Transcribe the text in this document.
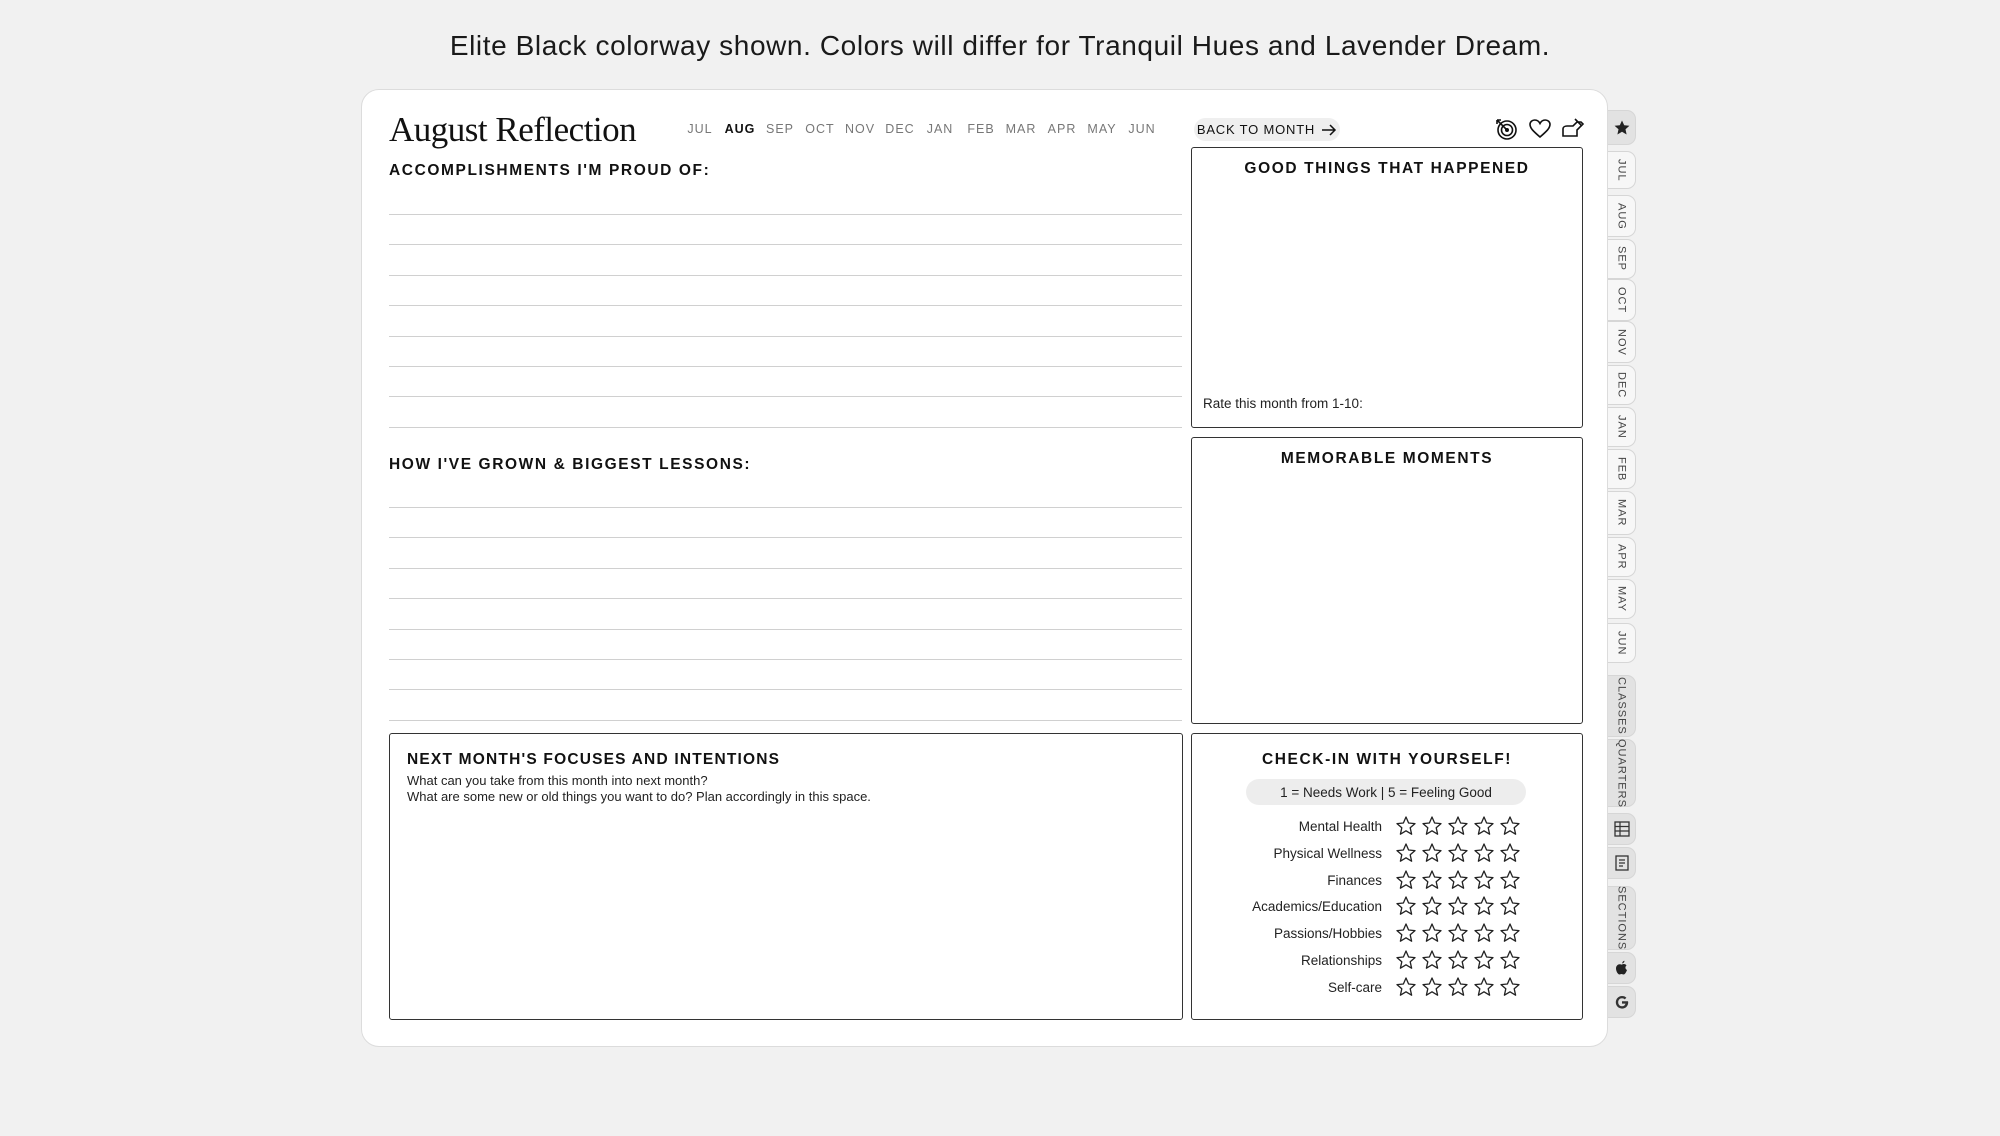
Elite Black colorway shown. Colors will differ for Tranquil Hues and Lavender Dream.
August Reflection	JUL AUG SEP OCT NOV DEC JAN FEB MAR APR MAY JUN	BACK TO MONTH
ACCOMPLISHMENTS I'M PROUD OF:
HOW I'VE GROWN & BIGGEST LESSONS:
GOOD THINGS THAT HAPPENED
Rate this month from 1-10:
MEMORABLE MOMENTS
NEXT MONTH'S FOCUSES AND INTENTIONS
What can you take from this month into next month?
What are some new or old things you want to do? Plan accordingly in this space.
CHECK-IN WITH YOURSELF!
1 = Needs Work | 5 = Feeling Good
Mental Health
Physical Wellness
Finances
Academics/Education
Passions/Hobbies
Relationships
Self-care
JUL
AUG
SEP
OCT
NOV
DEC
JAN
FEB
MAR
APR
MAY
JUN
CLASSES
QUARTERS
SECTIONS
